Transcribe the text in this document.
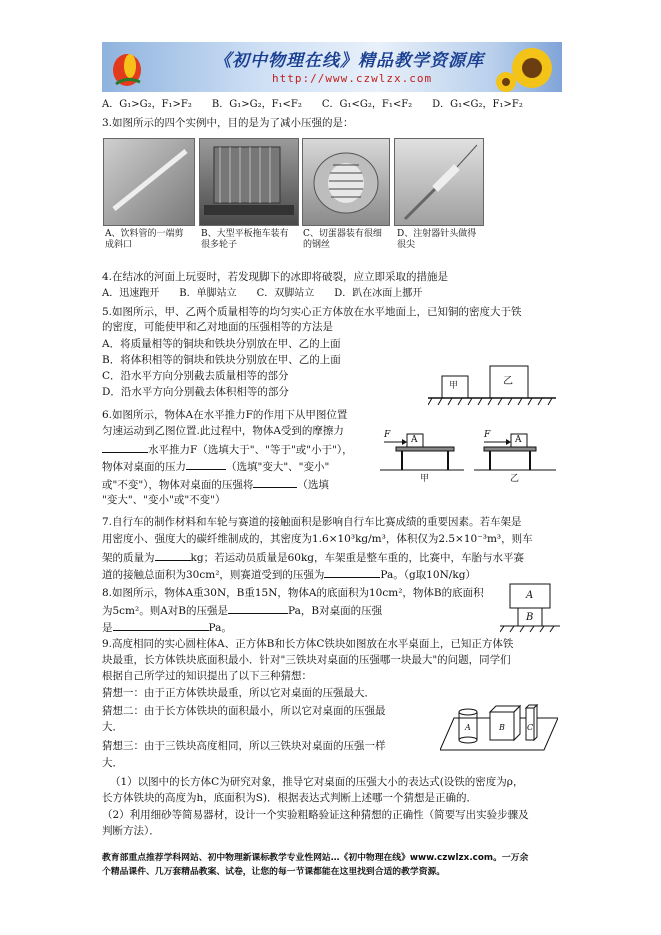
《初中物理在线》精品教学资源库
http://www.czwlzx.com
A．G₁>G₂，F₁>F₂　　B．G₁>G₂，F₁<F₂　　C．G₁<G₂，F₁<F₂　　D．G₁<G₂，F₁>F₂
3.如图所示的四个实例中，目的是为了减小压强的是：
A、饮料管的一端剪成斜口
B、大型平板拖车装有很多轮子
C、切蛋器装有很细的钢丝
D、注射器针头做得很尖
4.在结冰的河面上玩耍时，若发现脚下的冰即将破裂，应立即采取的措施是
A．迅速跑开　　B．单脚站立　　C．双脚站立　　D．趴在冰面上挪开
5.如图所示，甲、乙两个质量相等的均匀实心正方体放在水平地面上，已知铜的密度大于铁
的密度，可能使甲和乙对地面的压强相等的方法是
A．将质量相等的铜块和铁块分别放在甲、乙的上面
B．将体积相等的铜块和铁块分别放在甲、乙的上面
C．沿水平方向分别截去质量相等的部分
D．沿水平方向分别截去体积相等的部分	甲	乙
6.如图所示，物体A在水平推力F的作用下从甲图位置
匀速运动到乙图位置.此过程中，物体A受到的摩擦力
水平推力F（选填大于"、"等于"或"小于"），
物体对桌面的压力	（选填"变大"、"变小"
或"不变"），物体对桌面的压强将	（选填
"变大"、"变小"或"不变"）
F A	F	A
甲	乙
7.自行车的制作材料和车轮与赛道的接触面积是影响自行车比赛成绩的重要因素。若车架是
用密度小、强度大的碳纤维制成的，其密度为1.6×10³kg/m³，体积仅为2.5×10⁻³m³，则车
架的质量为	kg；若运动员质量是60kg，车架重是整车重的，比赛中，车胎与水平赛
道的接触总面积为30cm²，则赛道受到的压强为	Pa。（g取10N/kg）
8.如图所示，物体A重30N，B重15N，物体A的底面积为10cm²，物体B的底面积
为5cm²。则A对B的压强是	Pa，B对桌面的压强
是	Pa。
A
B
9.高度相同的实心圆柱体A、正方体B和长方体C铁块如图放在水平桌面上，已知正方体铁
块最重，长方体铁块底面积最小．针对"三铁块对桌面的压强哪一块最大"的问题，同学们
根据自己所学过的知识提出了以下三种猜想：
猜想一：由于正方体铁块最重，所以它对桌面的压强最大．
猜想二：由于长方体铁块的面积最小，所以它对桌面的压强最
大．
猜想三：由于三铁块高度相同，所以三铁块对桌面的压强一样
大．
A	B	C
（1）以图中的长方体C为研究对象，推导它对桌面的压强大小的表达式(设铁的密度为ρ，
长方体铁块的高度为h，底面积为S)．根据表达式判断上述哪一个猜想是正确的．
（2）利用细砂等简易器材，设计一个实验粗略验证这种猜想的正确性（简要写出实验步骤及
判断方法）．
教育部重点推荐学科网站、初中物理新课标教学专业性网站…《初中物理在线》www.czwlzx.com。一万余
个精品课件、几万套精品教案、试卷，让您的每一节课都能在这里找到合适的教学资源。
